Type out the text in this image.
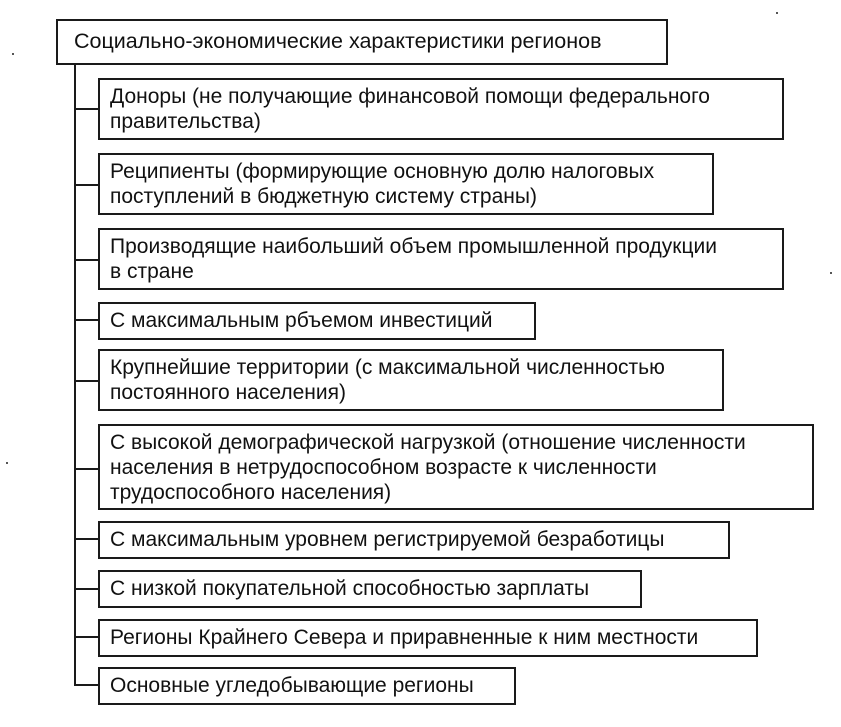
Социально-экономические характеристики регионов
Доноры (не получающие финансовой помощи федерального
правительства)
Реципиенты (формирующие основную долю налоговых
поступлений в бюджетную систему страны)
Производящие наибольший объем промышленной продукции
в стране
С максимальным рбъемом инвестиций
Крупнейшие территории (с максимальной численностью
постоянного населения)
С высокой демографической нагрузкой (отношение численности
населения в нетрудоспособном возрасте к численности
трудоспособного населения)
С максимальным уровнем регистрируемой безработицы
С низкой покупательной способностью зарплаты
Регионы Крайнего Севера и приравненные к ним местности
Основные угледобывающие регионы
